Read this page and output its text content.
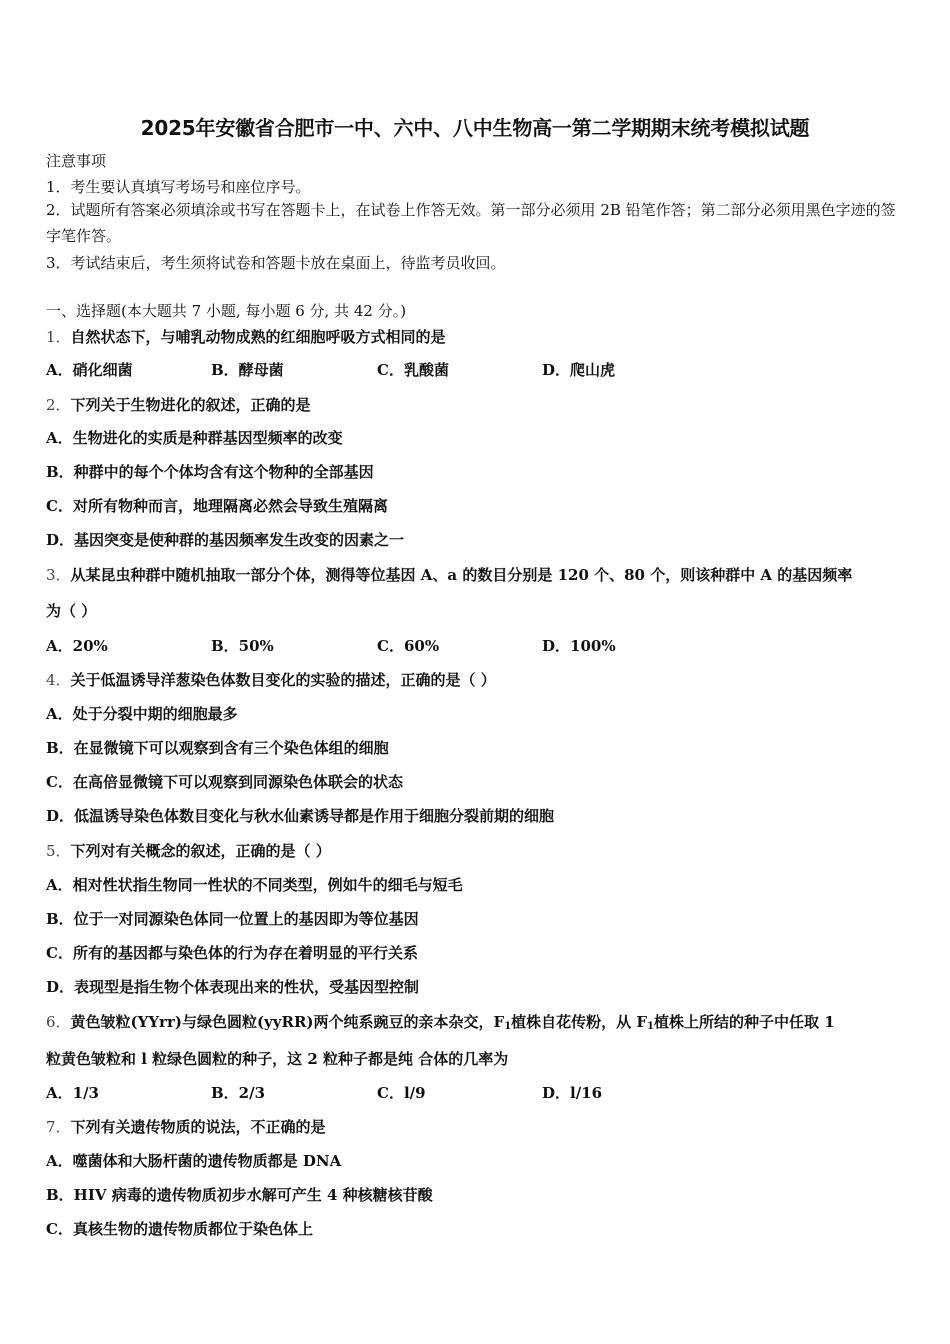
2025年安徽省合肥市一中、六中、八中生物高一第二学期期末统考模拟试题
注意事项
1．考生要认真填写考场号和座位序号。
2．试题所有答案必须填涂或书写在答题卡上，在试卷上作答无效。第一部分必须用 2B 铅笔作答；第二部分必须用黑色字迹的签字笔作答。
3．考试结束后，考生须将试卷和答题卡放在桌面上，待监考员收回。
一、选择题(本大题共 7 小题, 每小题 6 分, 共 42 分。)
1．自然状态下，与哺乳动物成熟的红细胞呼吸方式相同的是
A．硝化细菌	B．酵母菌	C．乳酸菌	D．爬山虎
2．下列关于生物进化的叙述，正确的是
A．生物进化的实质是种群基因型频率的改变
B．种群中的每个个体均含有这个物种的全部基因
C．对所有物种而言，地理隔离必然会导致生殖隔离
D．基因突变是使种群的基因频率发生改变的因素之一
3．从某昆虫种群中随机抽取一部分个体，测得等位基因 A、a 的数目分别是 120 个、80 个，则该种群中 A 的基因频率
为（ ）
A．20%	B．50%	C．60%	D．100%
4．关于低温诱导洋葱染色体数目变化的实验的描述，正确的是（ ）
A．处于分裂中期的细胞最多
B．在显微镜下可以观察到含有三个染色体组的细胞
C．在高倍显微镜下可以观察到同源染色体联会的状态
D．低温诱导染色体数目变化与秋水仙素诱导都是作用于细胞分裂前期的细胞
5．下列对有关概念的叙述，正确的是（ ）
A．相对性状指生物同一性状的不同类型，例如牛的细毛与短毛
B．位于一对同源染色体同一位置上的基因即为等位基因
C．所有的基因都与染色体的行为存在着明显的平行关系
D．表现型是指生物个体表现出来的性状，受基因型控制
6．黄色皱粒(YYrr)与绿色圆粒(yyRR)两个纯系豌豆的亲本杂交，$F_1$植株自花传粉，从 $F_1$植株上所结的种子中任取 1
粒黄色皱粒和 l 粒绿色圆粒的种子，这 2 粒种子都是纯 合体的几率为
A．1/3	B．2/3	C．l/9	D．l/16
7．下列有关遗传物质的说法，不正确的是
A．噬菌体和大肠杆菌的遗传物质都是 DNA
B．HIV 病毒的遗传物质初步水解可产生 4 种核糖核苷酸
C．真核生物的遗传物质都位于染色体上
